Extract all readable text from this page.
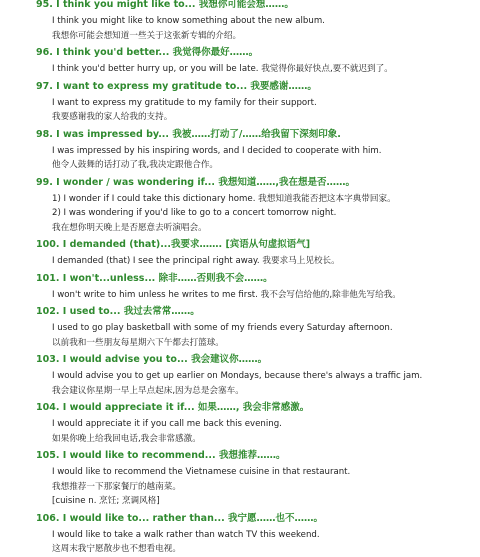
95. I think you might like to... 我想你可能会想……。
I think you might like to know something about the new album.
我想你可能会想知道一些关于这张新专辑的介绍。
96. I think you'd better... 我觉得你最好……。
I think you'd better hurry up, or you will be late. 我觉得你最好快点,要不就迟到了。
97. I want to express my gratitude to... 我要感谢……。
I want to express my gratitude to my family for their support.
我要感谢我的家人给我的支持。
98. I was impressed by... 我被……打动了/……给我留下深刻印象.
I was impressed by his inspiring words, and I decided to cooperate with him.
他令人鼓舞的话打动了我,我决定跟他合作。
99. I wonder / was wondering if... 我想知道……,我在想是否……。
1) I wonder if I could take this dictionary home. 我想知道我能否把这本字典带回家。
2) I was wondering if you'd like to go to a concert tomorrow night.
我在想你明天晚上是否愿意去听演唱会。
100. I demanded (that)...我要求……. [宾语从句虚拟语气]
I demanded (that) I see the principal right away. 我要求马上见校长。
101. I won't...unless... 除非……否则我不会……。
I won't write to him unless he writes to me first. 我不会写信给他的,除非他先写给我。
102. I used to... 我过去常常……。
I used to go play basketball with some of my friends every Saturday afternoon.
以前我和一些朋友每星期六下午都去打篮球。
103. I would advise you to... 我会建议你……。
I would advise you to get up earlier on Mondays, because there's always a traffic jam.
我会建议你星期一早上早点起床,因为总是会塞车。
104. I would appreciate it if... 如果……, 我会非常感激。
I would appreciate it if you call me back this evening.
如果你晚上给我回电话,我会非常感激。
105. I would like to recommend... 我想推荐……。
I would like to recommend the Vietnamese cuisine in that restaurant.
我想推荐一下那家餐厅的越南菜。
[cuisine n. 烹饪; 烹调风格]
106. I would like to... rather than... 我宁愿……也不……。
I would like to take a walk rather than watch TV this weekend.
这周末我宁愿散步也不想看电视。
